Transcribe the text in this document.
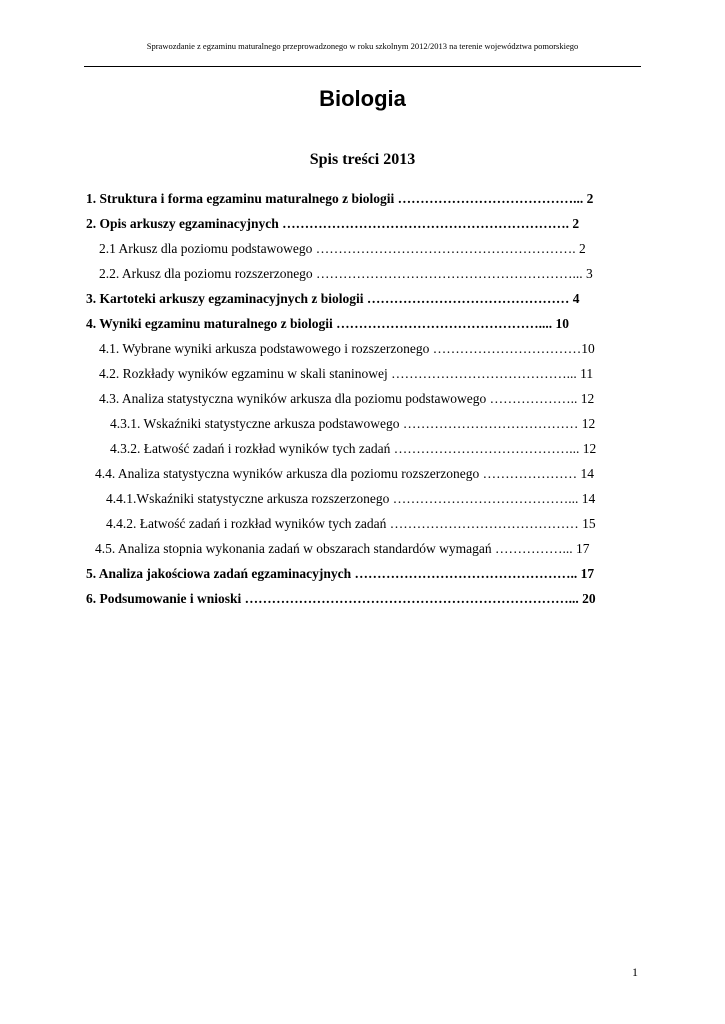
Sprawozdanie z egzaminu maturalnego przeprowadzonego w roku szkolnym 2012/2013 na terenie województwa pomorskiego
Biologia
Spis treści 2013
1. Struktura i forma egzaminu maturalnego z biologii …………………………………... 2
2. Opis arkuszy egzaminacyjnych ………………………………………………………. 2
2.1 Arkusz dla poziomu podstawowego …………………………………………………. 2
2.2. Arkusz dla poziomu rozszerzonego …………………………………………………... 3
3. Kartoteki arkuszy egzaminacyjnych z biologii ……………………………………… 4
4. Wyniki egzaminu maturalnego z biologii ……………………………………….... 10
4.1. Wybrane wyniki arkusza podstawowego i rozszerzonego ……………………………10
4.2. Rozkłady wyników egzaminu w skali staninowej …………………………………... 11
4.3. Analiza statystyczna wyników arkusza dla poziomu podstawowego ……………….. 12
4.3.1. Wskaźniki statystyczne arkusza podstawowego ………………………………… 12
4.3.2. Łatwość zadań i rozkład wyników tych zadań …………………………………... 12
4.4. Analiza statystyczna wyników arkusza dla poziomu rozszerzonego ………………… 14
4.4.1.Wskaźniki statystyczne arkusza rozszerzonego …………………………………... 14
4.4.2. Łatwość zadań i rozkład wyników tych zadań …………………………………… 15
4.5. Analiza stopnia wykonania zadań w obszarach standardów wymagań ……………... 17
5. Analiza jakościowa zadań egzaminacyjnych ………………………………………….. 17
6. Podsumowanie i wnioski ………………………………………………………………... 20
1
